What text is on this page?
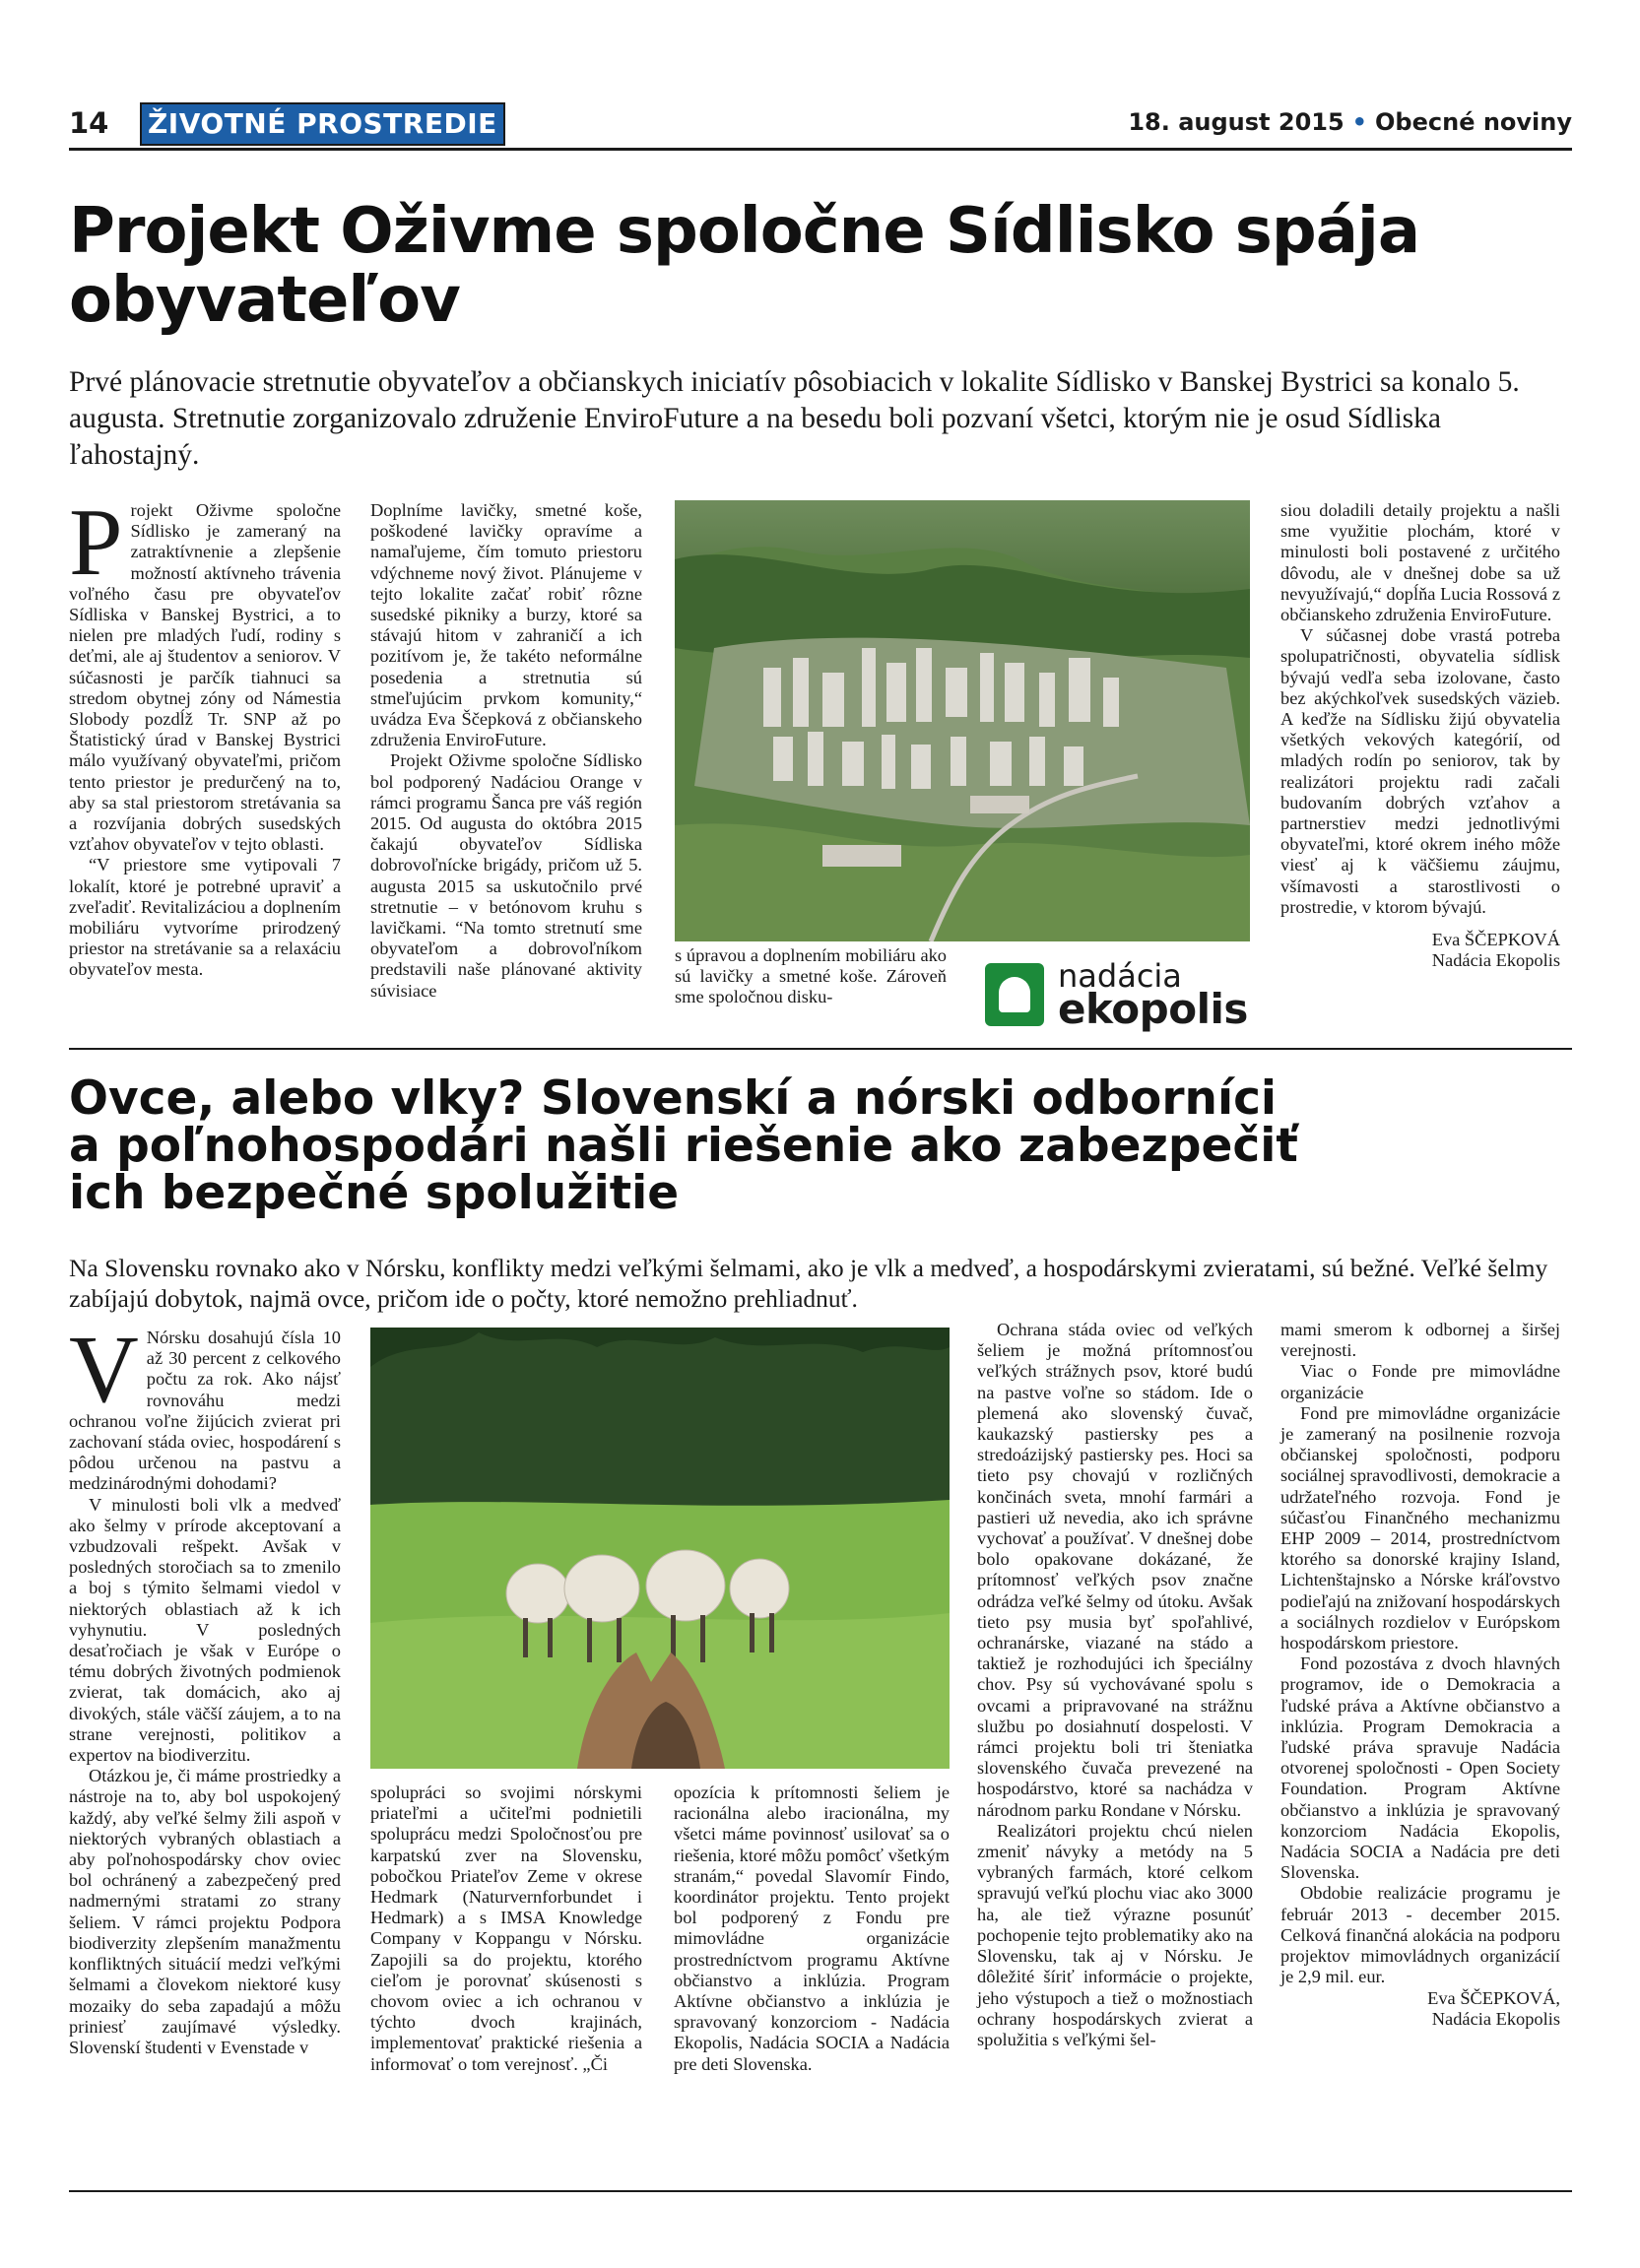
14 ŽIVOTNÉ PROSTREDIE	18. august 2015 • Obecné noviny
Projekt Oživme spoločne Sídlisko spája obyvateľov

Prvé plánovacie stretnutie obyvateľov a občianskych iniciatív pôsobiacich v lokalite Sídlisko v Banskej Bystrici sa konalo 5. augusta. Stretnutie zorganizovalo združenie EnviroFuture a na besedu boli pozvaní všetci, ktorým nie je osud Sídliska ľahostajný.

P rojekt Oživme spoločne Sídlisko je zameraný na zatraktívnenie a zlepšenie možností aktívneho trávenia voľného času pre obyvateľov Sídliska v Banskej Bystrici, a to nielen pre mladých ľudí, rodiny s deťmi, ale aj študentov a seniorov. V súčasnosti je parčík tiahnuci sa stredom obytnej zóny od Námestia Slobody pozdĺž Tr. SNP až po Štatistický úrad v Banskej Bystrici málo využívaný obyvateľmi, pričom tento priestor je predurčený na to, aby sa stal priestorom stretávania sa a rozvíjania dobrých susedských vzťahov obyvateľov v tejto oblasti.

“V priestore sme vytipovali 7 lokalít, ktoré je potrebné upraviť a zveľadiť. Revitalizáciou a doplnením mobiliáru vytvoríme prirodzený priestor na stretávanie sa a relaxáciu obyvateľov mesta.

Doplníme lavičky, smetné koše, poškodené lavičky opravíme a namaľujeme, čím tomuto priestoru vdýchneme nový život. Plánujeme v tejto lokalite začať robiť rôzne susedské pikniky a burzy, ktoré sa stávajú hitom v zahraničí a ich pozitívom je, že takéto neformálne posedenia a stretnutia sú stmeľujúcim prvkom komunity,“ uvádza Eva Ščepková z občianskeho združenia EnviroFuture.

Projekt Oživme spoločne Sídlisko bol podporený Nadáciou Orange v rámci programu Šanca pre váš región 2015. Od augusta do októbra 2015 čakajú obyvateľov Sídliska dobrovoľnícke brigády, pričom už 5. augusta 2015 sa uskutočnilo prvé stretnutie – v betónovom kruhu s lavičkami. “Na tomto stretnutí sme obyvateľom a dobrovoľníkom predstavili naše plánované aktivity súvisiace

s úpravou a doplnením mobiliáru ako sú lavičky a smetné koše. Zároveň sme spoločnou disku-

nadácia
ekopolis

siou doladili detaily projektu a našli sme využitie plochám, ktoré v minulosti boli postavené z určitého dôvodu, ale v dnešnej dobe sa už nevyužívajú,“ dopĺňa Lucia Rossová z občianskeho združenia EnviroFuture.

V súčasnej dobe vrastá potreba spolupatričnosti, obyvatelia sídlisk bývajú vedľa seba izolovane, často bez akýchkoľvek susedských väzieb. A keďže na Sídlisku žijú obyvatelia všetkých vekových kategórií, od mladých rodín po seniorov, tak by realizátori projektu radi začali budovaním dobrých vzťahov a partnerstiev medzi jednotlivými obyvateľmi, ktoré okrem iného môže viesť aj k väčšiemu záujmu, všímavosti a starostlivosti o prostredie, v ktorom bývajú.

Eva ŠČEPKOVÁ

Nadácia Ekopolis

Ovce, alebo vlky? Slovenskí a nórski odborníci
a poľnohospodári našli riešenie ako zabezpečiť
ich bezpečné spolužitie

Na Slovensku rovnako ako v Nórsku, konflikty medzi veľkými šelmami, ako je vlk a medveď, a hospodárskymi zvieratami, sú bežné. Veľké šelmy zabíjajú dobytok, najmä ovce, pričom ide o počty, ktoré nemožno prehliadnuť.

V Nórsku dosahujú čísla 10 až 30 percent z celkového počtu za rok. Ako nájsť rovnováhu medzi ochranou voľne žijúcich zvierat pri zachovaní stáda oviec, hospodárení s pôdou určenou na pastvu a medzinárodnými dohodami?

V minulosti boli vlk a medveď ako šelmy v prírode akceptovaní a vzbudzovali rešpekt. Avšak v posledných storočiach sa to zmenilo a boj s týmito šelmami viedol v niektorých oblastiach až k ich vyhynutiu. V posledných desaťročiach je však v Európe o tému dobrých životných podmienok zvierat, tak domácich, ako aj divokých, stále väčší záujem, a to na strane verejnosti, politikov a expertov na biodiverzitu.

Otázkou je, či máme prostriedky a nástroje na to, aby bol uspokojený každý, aby veľké šelmy žili aspoň v niektorých vybraných oblastiach a aby poľnohospodársky chov oviec bol ochránený a zabezpečený pred nadmernými stratami zo strany šeliem. V rámci projektu Podpora biodiverzity zlepšením manažmentu konfliktných situácií medzi veľkými šelmami a človekom niektoré kusy mozaiky do seba zapadajú a môžu priniesť zaujímavé výsledky. Slovenskí študenti v Evenstade v

spolupráci so svojimi nórskymi priateľmi a učiteľmi podnietili spoluprácu medzi Spoločnosťou pre karpatskú zver na Slovensku, pobočkou Priateľov Zeme v okrese Hedmark (Naturvernforbundet i Hedmark) a s IMSA Knowledge Company v Koppangu v Nórsku. Zapojili sa do projektu, ktorého cieľom je porovnať skúsenosti s chovom oviec a ich ochranou v týchto dvoch krajinách, implementovať praktické riešenia a informovať o tom verejnosť. „Či

opozícia k prítomnosti šeliem je racionálna alebo iracionálna, my všetci máme povinnosť usilovať sa o riešenia, ktoré môžu pomôcť všetkým stranám,“ povedal Slavomír Findo, koordinátor projektu. Tento projekt bol podporený z Fondu pre mimovládne organizácie prostredníctvom programu Aktívne občianstvo a inklúzia. Program Aktívne občianstvo a inklúzia je spravovaný konzorciom - Nadácia Ekopolis, Nadácia SOCIA a Nadácia pre deti Slovenska.

Ochrana stáda oviec od veľkých šeliem je možná prítomnosťou veľkých strážnych psov, ktoré budú na pastve voľne so stádom. Ide o plemená ako slovenský čuvač, kaukazský pastiersky pes a stredoázijský pastiersky pes. Hoci sa tieto psy chovajú v rozličných končinách sveta, mnohí farmári a pastieri už nevedia, ako ich správne vychovať a používať. V dnešnej dobe bolo opakovane dokázané, že prítomnosť veľkých psov značne odrádza veľké šelmy od útoku. Avšak tieto psy musia byť spoľahlivé, ochranárske, viazané na stádo a taktiež je rozhodujúci ich špeciálny chov. Psy sú vychovávané spolu s ovcami a pripravované na strážnu službu po dosiahnutí dospelosti. V rámci projektu boli tri šteniatka slovenského čuvača prevezené na hospodárstvo, ktoré sa nachádza v národnom parku Rondane v Nórsku.

Realizátori projektu chcú nielen zmeniť návyky a metódy na 5 vybraných farmách, ktoré celkom spravujú veľkú plochu viac ako 3000 ha, ale tiež výrazne posunúť pochopenie tejto problematiky ako na Slovensku, tak aj v Nórsku. Je dôležité šíriť informácie o projekte, jeho výstupoch a tiež o možnostiach ochrany hospodárskych zvierat a spolužitia s veľkými šel-

mami smerom k odbornej a širšej verejnosti.

Viac o Fonde pre mimovládne organizácie

Fond pre mimovládne organizácie je zameraný na posilnenie rozvoja občianskej spoločnosti, podporu sociálnej spravodlivosti, demokracie a udržateľného rozvoja. Fond je súčasťou Finančného mechanizmu EHP 2009 – 2014, prostredníctvom ktorého sa donorské krajiny Island, Lichtenštajnsko a Nórske kráľovstvo podieľajú na znižovaní hospodárskych a sociálnych rozdielov v Európskom hospodárskom priestore.

Fond pozostáva z dvoch hlavných programov, ide o Demokracia a ľudské práva a Aktívne občianstvo a inklúzia. Program Demokracia a ľudské práva spravuje Nadácia otvorenej spoločnosti - Open Society Foundation. Program Aktívne občianstvo a inklúzia je spravovaný konzorciom Nadácia Ekopolis, Nadácia SOCIA a Nadácia pre deti Slovenska.

Obdobie realizácie programu je február 2013 - december 2015. Celková finančná alokácia na podporu projektov mimovládnych organizácií je 2,9 mil. eur.

Eva ŠČEPKOVÁ,

Nadácia Ekopolis
